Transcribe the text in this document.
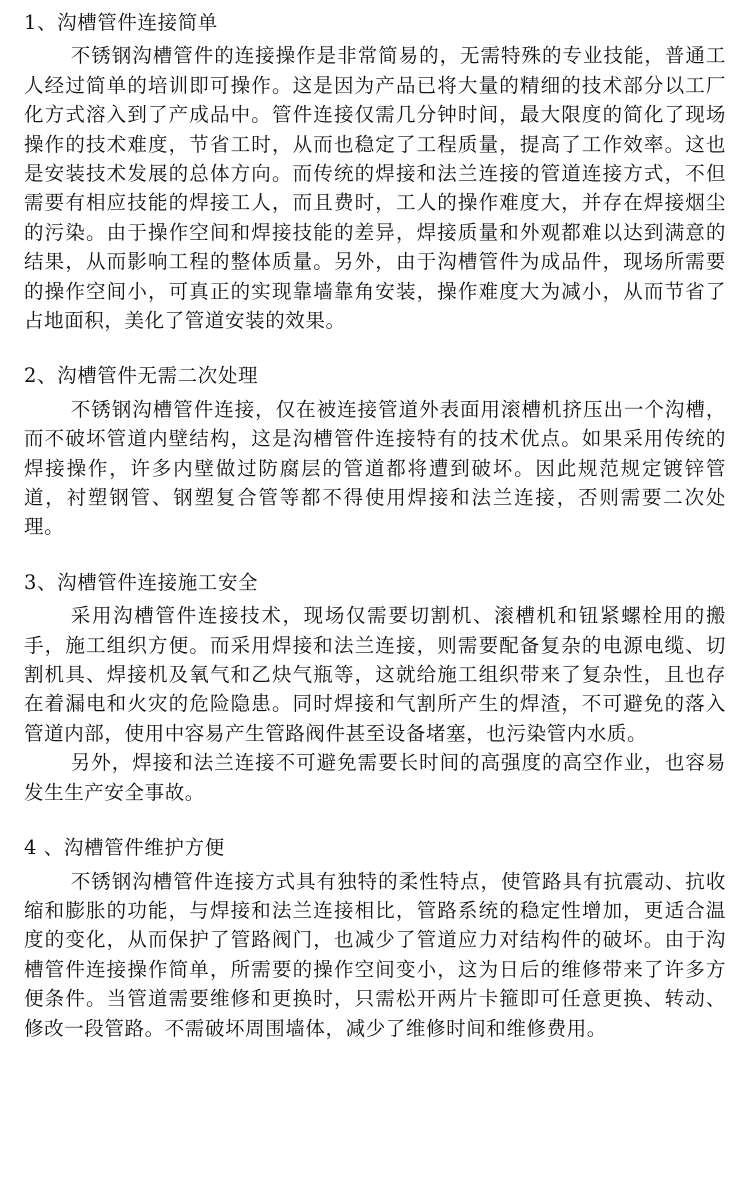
1、沟槽管件连接简单

不锈钢沟槽管件的连接操作是非常简易的，无需特殊的专业技能，普通工人经过简单的培训即可操作。这是因为产品已将大量的精细的技术部分以工厂化方式溶入到了产成品中。管件连接仅需几分钟时间，最大限度的简化了现场操作的技术难度，节省工时，从而也稳定了工程质量，提高了工作效率。这也是安装技术发展的总体方向。而传统的焊接和法兰连接的管道连接方式，不但需要有相应技能的焊接工人，而且费时，工人的操作难度大，并存在焊接烟尘的污染。由于操作空间和焊接技能的差异，焊接质量和外观都难以达到满意的结果，从而影响工程的整体质量。另外，由于沟槽管件为成品件，现场所需要的操作空间小，可真正的实现靠墙靠角安装，操作难度大为减小，从而节省了占地面积，美化了管道安装的效果。

2、沟槽管件无需二次处理

不锈钢沟槽管件连接，仅在被连接管道外表面用滚槽机挤压出一个沟槽，而不破坏管道内壁结构，这是沟槽管件连接特有的技术优点。如果采用传统的焊接操作，许多内壁做过防腐层的管道都将遭到破坏。因此规范规定镀锌管道，衬塑钢管、钢塑复合管等都不得使用焊接和法兰连接，否则需要二次处理。

3、沟槽管件连接施工安全

采用沟槽管件连接技术，现场仅需要切割机、滚槽机和钮紧螺栓用的搬手，施工组织方便。而采用焊接和法兰连接，则需要配备复杂的电源电缆、切割机具、焊接机及氧气和乙炔气瓶等，这就给施工组织带来了复杂性，且也存在着漏电和火灾的危险隐患。同时焊接和气割所产生的焊渣，不可避免的落入管道内部，使用中容易产生管路阀件甚至设备堵塞，也污染管内水质。

另外，焊接和法兰连接不可避免需要长时间的高强度的高空作业，也容易发生生产安全事故。

4 、沟槽管件维护方便

不锈钢沟槽管件连接方式具有独特的柔性特点，使管路具有抗震动、抗收缩和膨胀的功能，与焊接和法兰连接相比，管路系统的稳定性增加，更适合温度的变化，从而保护了管路阀门，也减少了管道应力对结构件的破坏。由于沟槽管件连接操作简单，所需要的操作空间变小，这为日后的维修带来了许多方便条件。当管道需要维修和更换时，只需松开两片卡箍即可任意更换、转动、修改一段管路。不需破坏周围墙体，减少了维修时间和维修费用。
